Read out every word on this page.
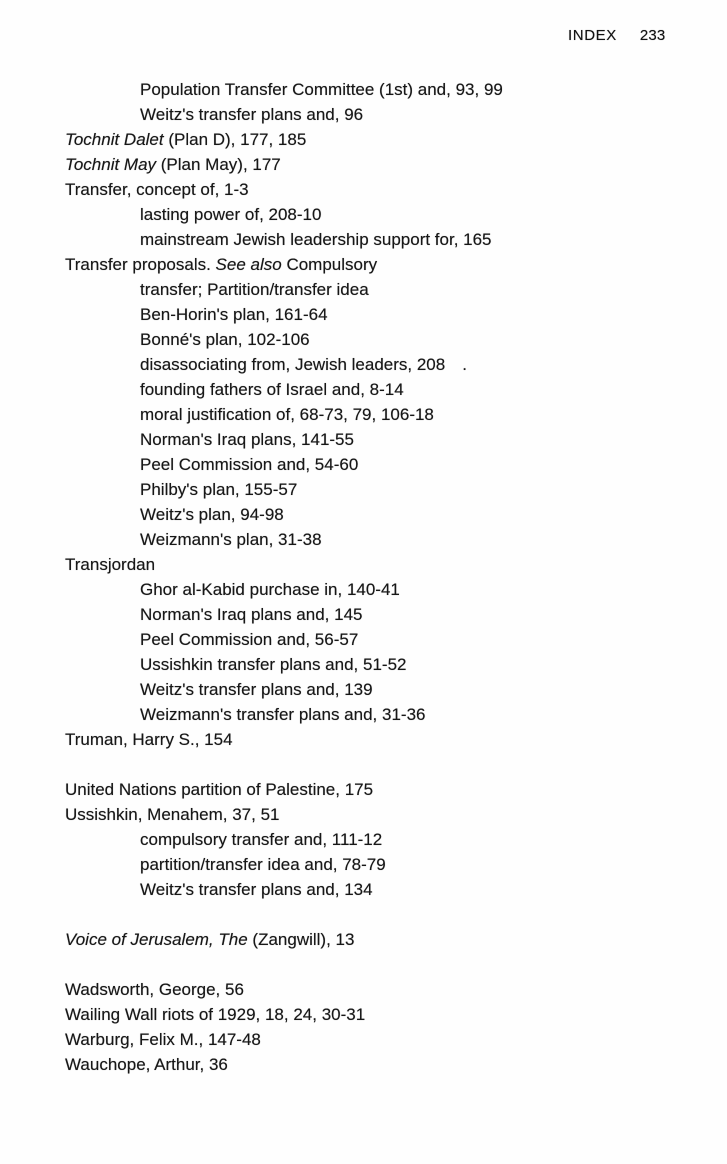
INDEX 233
Population Transfer Committee (1st) and, 93, 99
Weitz's transfer plans and, 96
Tochnit Dalet (Plan D), 177, 185
Tochnit May (Plan May), 177
Transfer, concept of, 1-3
lasting power of, 208-10
mainstream Jewish leadership support for, 165
Transfer proposals. See also Compulsory
transfer; Partition/transfer idea
Ben-Horin's plan, 161-64
Bonné's plan, 102-106
disassociating from, Jewish leaders, 208 .
founding fathers of Israel and, 8-14
moral justification of, 68-73, 79, 106-18
Norman's Iraq plans, 141-55
Peel Commission and, 54-60
Philby's plan, 155-57
Weitz's plan, 94-98
Weizmann's plan, 31-38
Transjordan
Ghor al-Kabid purchase in, 140-41
Norman's Iraq plans and, 145
Peel Commission and, 56-57
Ussishkin transfer plans and, 51-52
Weitz's transfer plans and, 139
Weizmann's transfer plans and, 31-36
Truman, Harry S., 154
United Nations partition of Palestine, 175
Ussishkin, Menahem, 37, 51
compulsory transfer and, 111-12
partition/transfer idea and, 78-79
Weitz's transfer plans and, 134
Voice of Jerusalem, The (Zangwill), 13
Wadsworth, George, 56
Wailing Wall riots of 1929, 18, 24, 30-31
Warburg, Felix M., 147-48
Wauchope, Arthur, 36
